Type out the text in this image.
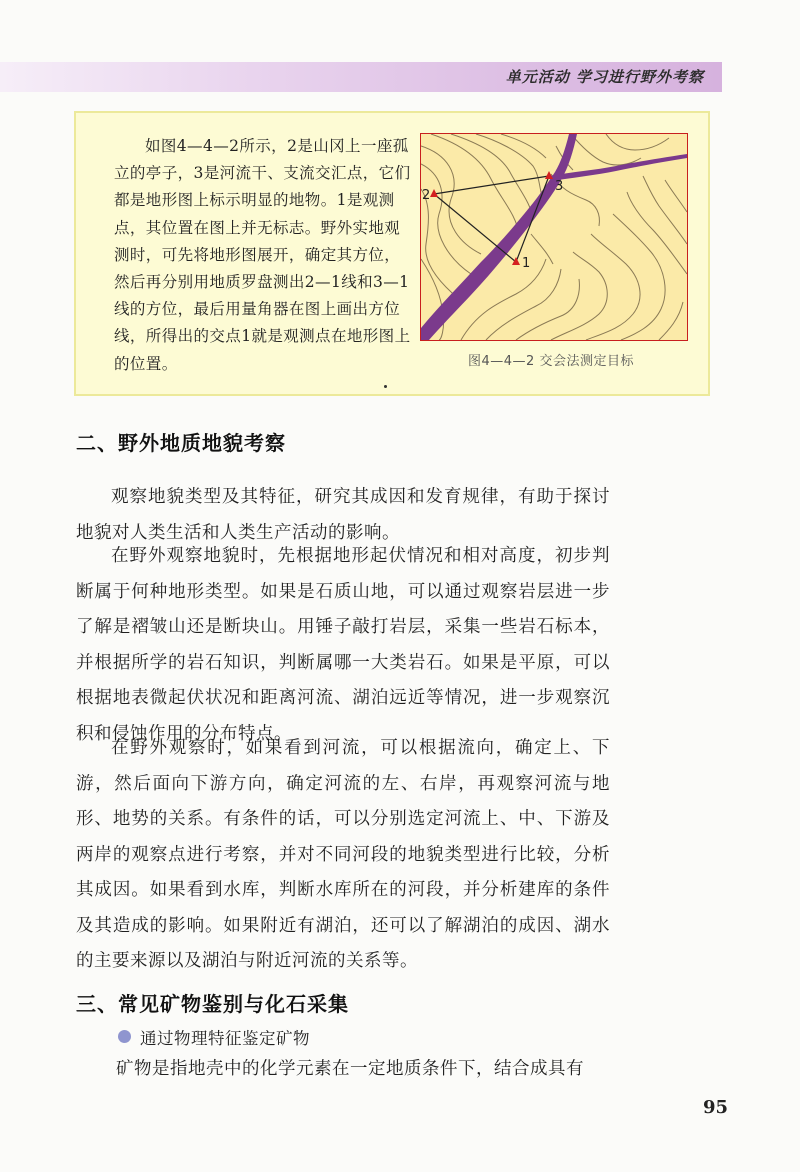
单元活动 学习进行野外考察
如图4—4—2所示，2是山冈上一座孤立的亭子，3是河流干、支流交汇点，它们都是地形图上标示明显的地物。1是观测点，其位置在图上并无标志。野外实地观测时，可先将地形图展开，确定其方位，然后再分别用地质罗盘测出2—1线和3—1线的方位，最后用量角器在图上画出方位线，所得出的交点1就是观测点在地形图上的位置。
2
3
1
图4—4—2 交会法测定目标
二、野外地质地貌考察
观察地貌类型及其特征，研究其成因和发育规律，有助于探讨地貌对人类生活和人类生产活动的影响。
在野外观察地貌时，先根据地形起伏情况和相对高度，初步判断属于何种地形类型。如果是石质山地，可以通过观察岩层进一步了解是褶皱山还是断块山。用锤子敲打岩层，采集一些岩石标本，并根据所学的岩石知识，判断属哪一大类岩石。如果是平原，可以根据地表微起伏状况和距离河流、湖泊远近等情况，进一步观察沉积和侵蚀作用的分布特点。
在野外观察时，如果看到河流，可以根据流向，确定上、下游，然后面向下游方向，确定河流的左、右岸，再观察河流与地形、地势的关系。有条件的话，可以分别选定河流上、中、下游及两岸的观察点进行考察，并对不同河段的地貌类型进行比较，分析其成因。如果看到水库，判断水库所在的河段，并分析建库的条件及其造成的影响。如果附近有湖泊，还可以了解湖泊的成因、湖水的主要来源以及湖泊与附近河流的关系等。
三、常见矿物鉴别与化石采集
通过物理特征鉴定矿物
矿物是指地壳中的化学元素在一定地质条件下，结合成具有
95
